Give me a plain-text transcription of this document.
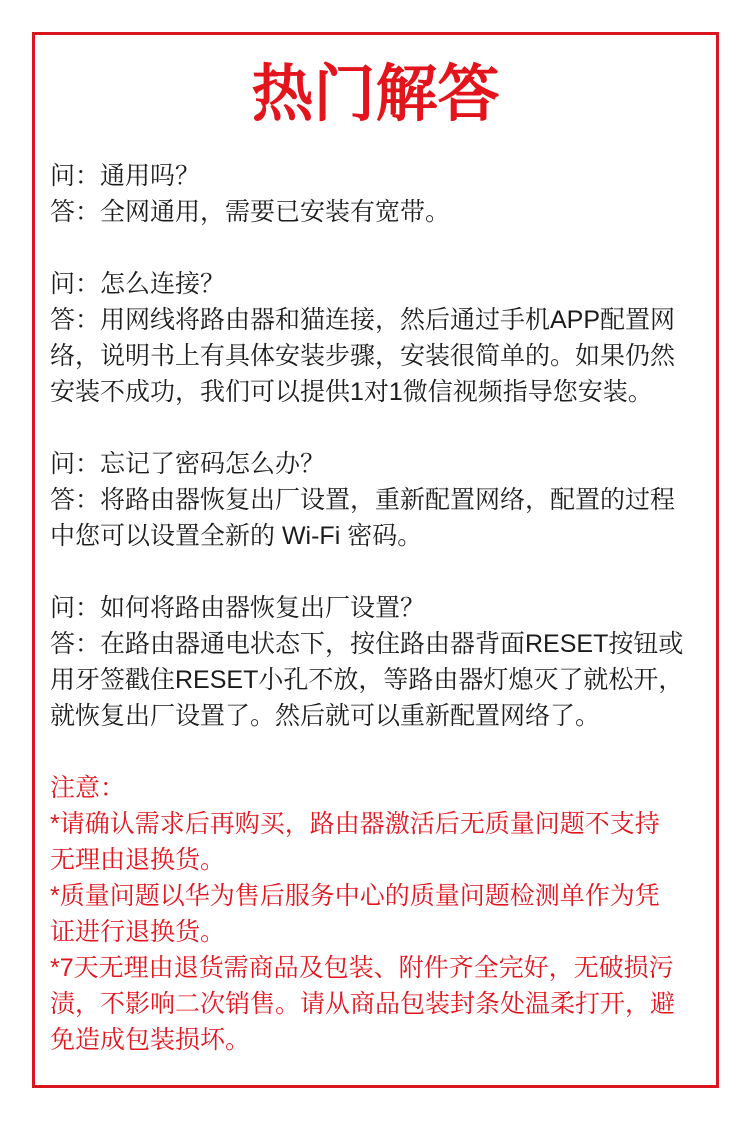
热门解答
问：通用吗？
答：全网通用，需要已安装有宽带。
问：怎么连接？
答：用网线将路由器和猫连接，然后通过手机APP配置网
络，说明书上有具体安装步骤，安装很简单的。如果仍然
安装不成功，我们可以提供1对1微信视频指导您安装。
问：忘记了密码怎么办？
答：将路由器恢复出厂设置，重新配置网络，配置的过程
中您可以设置全新的 Wi-Fi 密码。
问：如何将路由器恢复出厂设置？
答：在路由器通电状态下，按住路由器背面RESET按钮或
用牙签戳住RESET小孔不放，等路由器灯熄灭了就松开，
就恢复出厂设置了。然后就可以重新配置网络了。
注意：
*请确认需求后再购买，路由器激活后无质量问题不支持
无理由退换货。
*质量问题以华为售后服务中心的质量问题检测单作为凭
证进行退换货。
*7天无理由退货需商品及包装、附件齐全完好，无破损污
渍，不影响二次销售。请从商品包装封条处温柔打开，避
免造成包装损坏。
